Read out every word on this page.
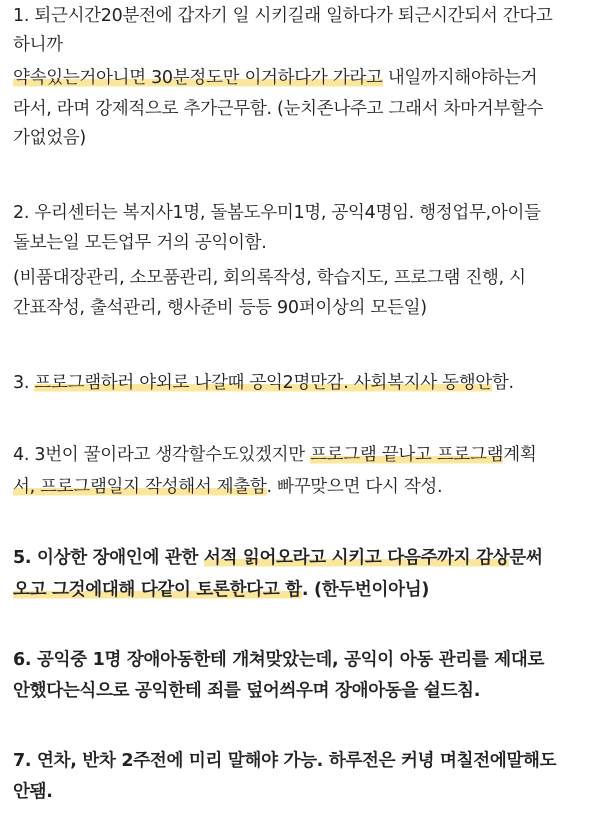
1. 퇴근시간20분전에 갑자기 일 시키길래 일하다가 퇴근시간되서 간다고
하니까
약속있는거아니면 30분정도만 이거하다가 가라고 내일까지해야하는거
라서, 라며 강제적으로 추가근무함. (눈치존나주고 그래서 차마거부할수
가없었음)
2. 우리센터는 복지사1명, 돌봄도우미1명, 공익4명임. 행정업무,아이들
돌보는일 모든업무 거의 공익이함.
(비품대장관리, 소모품관리, 회의록작성, 학습지도, 프로그램 진행, 시
간표작성, 출석관리, 행사준비 등등 90퍼이상의 모든일)
3. 프로그램하러 야외로 나갈때 공익2명만감. 사회복지사 동행안함.
4. 3번이 꿀이라고 생각할수도있겠지만 프로그램 끝나고 프로그램계획
서, 프로그램일지 작성해서 제출함. 빠꾸맞으면 다시 작성.
5. 이상한 장애인에 관한 서적 읽어오라고 시키고 다음주까지 감상문써
오고 그것에대해 다같이 토론한다고 함. (한두번이아님)
6. 공익중 1명 장애아동한테 개쳐맞았는데, 공익이 아동 관리를 제대로
안했다는식으로 공익한테 죄를 덮어씌우며 장애아동을 쉴드침.
7. 연차, 반차 2주전에 미리 말해야 가능. 하루전은 커녕 며칠전에말해도
안됌.
